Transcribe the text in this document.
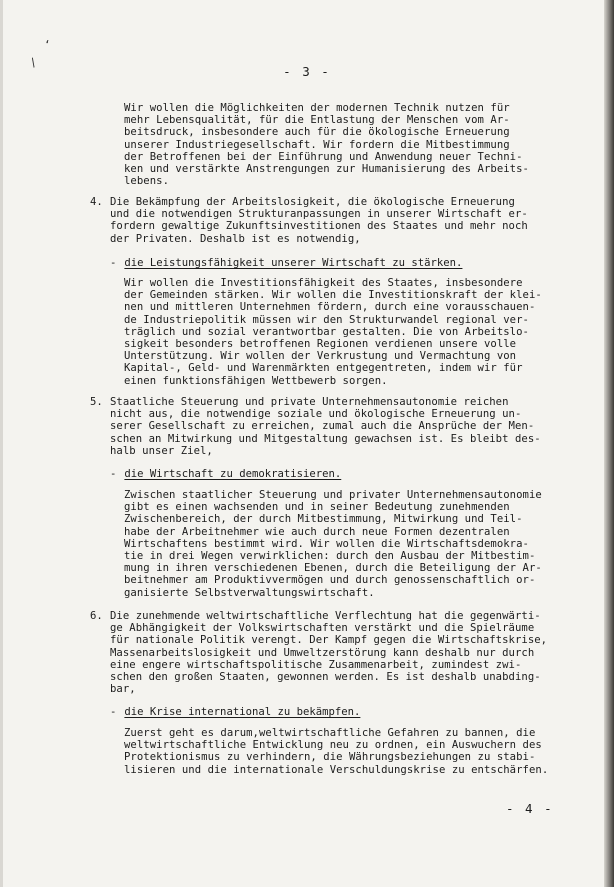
‘
/
- 3 -
Wir wollen die Möglichkeiten der modernen Technik nutzen für
mehr Lebensqualität, für die Entlastung der Menschen vom Ar-
beitsdruck, insbesondere auch für die ökologische Erneuerung
unserer Industriegesellschaft. Wir fordern die Mitbestimmung
der Betroffenen bei der Einführung und Anwendung neuer Techni-
ken und verstärkte Anstrengungen zur Humanisierung des Arbeits-
lebens.
4. Die Bekämpfung der Arbeitslosigkeit, die ökologische Erneuerung
und die notwendigen Strukturanpassungen in unserer Wirtschaft er-
fordern gewaltige Zukunftsinvestitionen des Staates und mehr noch
der Privaten. Deshalb ist es notwendig,
- die Leistungsfähigkeit unserer Wirtschaft zu stärken.
Wir wollen die Investitionsfähigkeit des Staates, insbesondere
der Gemeinden stärken. Wir wollen die Investitionskraft der klei-
nen und mittleren Unternehmen fördern, durch eine vorausschauen-
de Industriepolitik müssen wir den Strukturwandel regional ver-
träglich und sozial verantwortbar gestalten. Die von Arbeitslo-
sigkeit besonders betroffenen Regionen verdienen unsere volle
Unterstützung. Wir wollen der Verkrustung und Vermachtung von
Kapital-, Geld- und Warenmärkten entgegentreten, indem wir für
einen funktionsfähigen Wettbewerb sorgen.
5. Staatliche Steuerung und private Unternehmensautonomie reichen
nicht aus, die notwendige soziale und ökologische Erneuerung un-
serer Gesellschaft zu erreichen, zumal auch die Ansprüche der Men-
schen an Mitwirkung und Mitgestaltung gewachsen ist. Es bleibt des-
halb unser Ziel,
- die Wirtschaft zu demokratisieren.
Zwischen staatlicher Steuerung und privater Unternehmensautonomie
gibt es einen wachsenden und in seiner Bedeutung zunehmenden
Zwischenbereich, der durch Mitbestimmung, Mitwirkung und Teil-
habe der Arbeitnehmer wie auch durch neue Formen dezentralen
Wirtschaftens bestimmt wird. Wir wollen die Wirtschaftsdemokra-
tie in drei Wegen verwirklichen: durch den Ausbau der Mitbestim-
mung in ihren verschiedenen Ebenen, durch die Beteiligung der Ar-
beitnehmer am Produktivvermögen und durch genossenschaftlich or-
ganisierte Selbstverwaltungswirtschaft.
6. Die zunehmende weltwirtschaftliche Verflechtung hat die gegenwärti-
ge Abhängigkeit der Volkswirtschaften verstärkt und die Spielräume
für nationale Politik verengt. Der Kampf gegen die Wirtschaftskrise,
Massenarbeitslosigkeit und Umweltzerstörung kann deshalb nur durch
eine engere wirtschaftspolitische Zusammenarbeit, zumindest zwi-
schen den großen Staaten, gewonnen werden. Es ist deshalb unabding-
bar,
- die Krise international zu bekämpfen.
Zuerst geht es darum,weltwirtschaftliche Gefahren zu bannen, die
weltwirtschaftliche Entwicklung neu zu ordnen, ein Auswuchern des
Protektionismus zu verhindern, die Währungsbeziehungen zu stabi-
lisieren und die internationale Verschuldungskrise zu entschärfen.
- 4 -
